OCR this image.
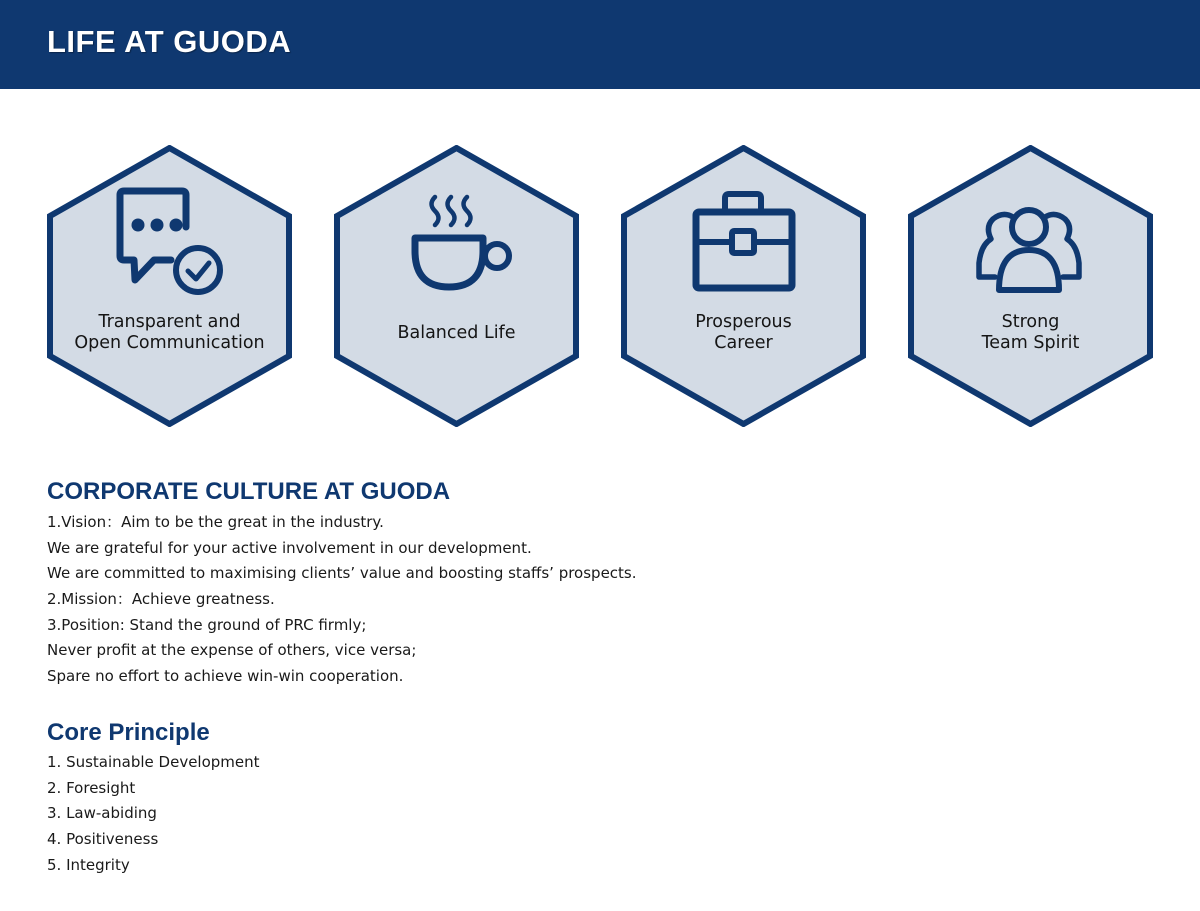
LIFE AT GUODA
Transparent and
Open Communication	Balanced Life
Prosperous
Career
Strong
Team Spirit
CORPORATE CULTURE AT GUODA
1.Vision：Aim to be the great in the industry.
We are grateful for your active involvement in our development.
We are committed to maximising clients’ value and boosting staffs’ prospects.
2.Mission：Achieve greatness.
3.Position: Stand the ground of PRC firmly;
Never profit at the expense of others, vice versa;
Spare no effort to achieve win-win cooperation.
Core Principle
1. Sustainable Development
2. Foresight
3. Law-abiding
4. Positiveness
5. Integrity
